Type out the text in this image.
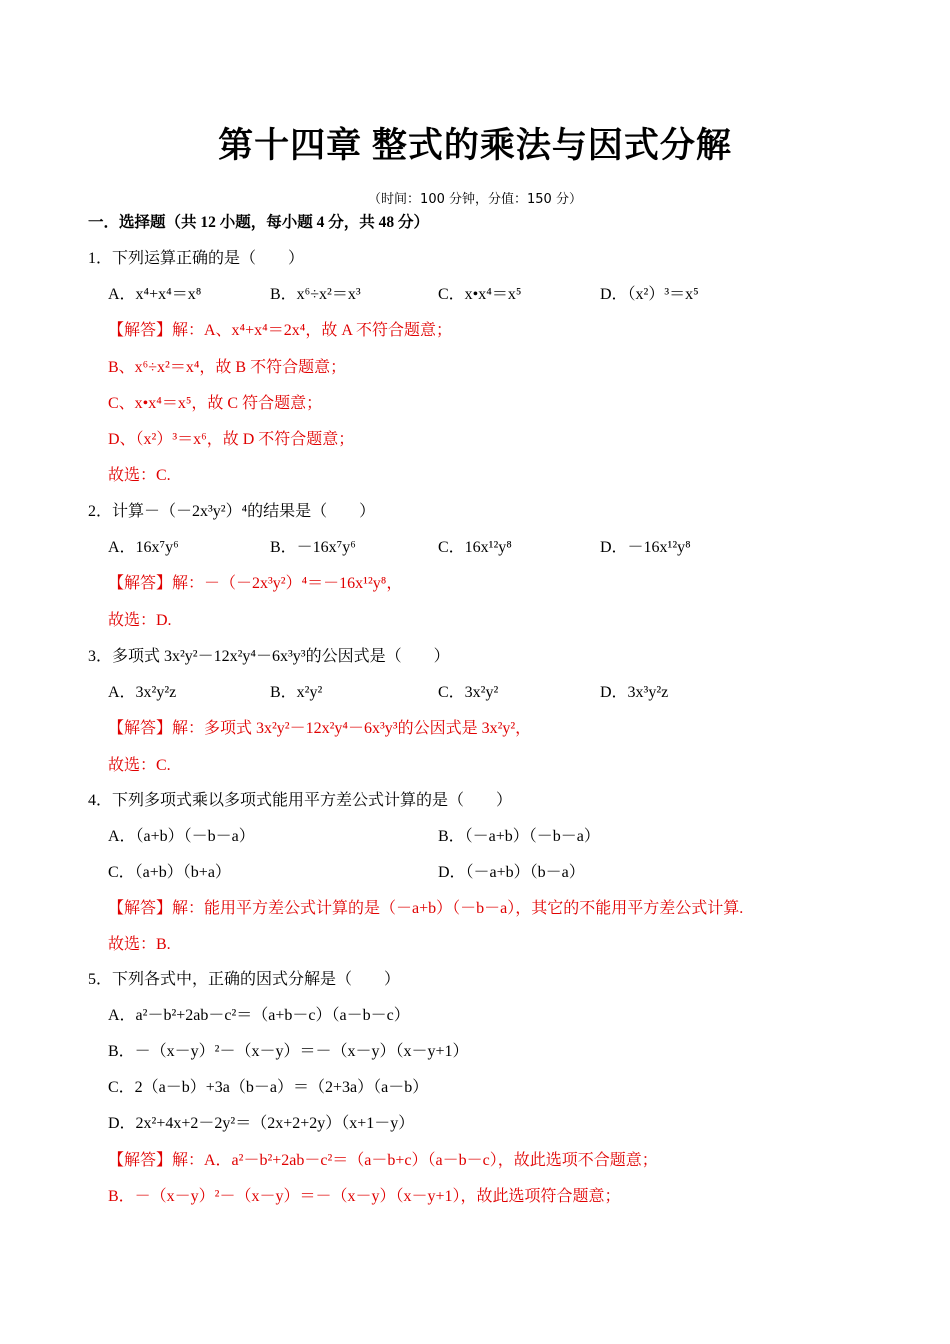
第十四章 整式的乘法与因式分解
（时间：100 分钟，分值：150 分）
一．选择题（共 12 小题，每小题 4 分，共 48 分）
1．下列运算正确的是（　　）
A．x⁴+x⁴＝x⁸	B．x⁶÷x²＝x³	C．x•x⁴＝x⁵	D．（x²）³＝x⁵
【解答】解：A、x⁴+x⁴＝2x⁴，故 A 不符合题意；
B、x⁶÷x²＝x⁴，故 B 不符合题意；
C、x•x⁴＝x⁵，故 C 符合题意；
D、（x²）³＝x⁶，故 D 不符合题意；
故选：C.
2．计算－（－2x³y²）⁴的结果是（　　）
A．16x⁷y⁶	B．－16x⁷y⁶	C．16x¹²y⁸	D．－16x¹²y⁸
【解答】解：－（－2x³y²）⁴＝－16x¹²y⁸，
故选：D.
3．多项式 3x²y²－12x²y⁴－6x³y³的公因式是（　　）
A．3x²y²z	B．x²y²	C．3x²y²	D．3x³y²z
【解答】解：多项式 3x²y²－12x²y⁴－6x³y³的公因式是 3x²y²，
故选：C.
4．下列多项式乘以多项式能用平方差公式计算的是（　　）
A．（a+b）（－b－a）	B．（－a+b）（－b－a）
C．（a+b）（b+a）	D．（－a+b）（b－a）
【解答】解：能用平方差公式计算的是（－a+b）（－b－a），其它的不能用平方差公式计算.
故选：B.
5．下列各式中，正确的因式分解是（　　）
A．a²－b²+2ab－c²＝（a+b－c）（a－b－c）
B．－（x－y）²－（x－y）＝－（x－y）（x－y+1）
C．2（a－b）+3a（b－a）＝（2+3a）（a－b）
D．2x²+4x+2－2y²＝（2x+2+2y）（x+1－y）
【解答】解：A．a²－b²+2ab－c²＝（a－b+c）（a－b－c），故此选项不合题意；
B．－（x－y）²－（x－y）＝－（x－y）（x－y+1），故此选项符合题意；
